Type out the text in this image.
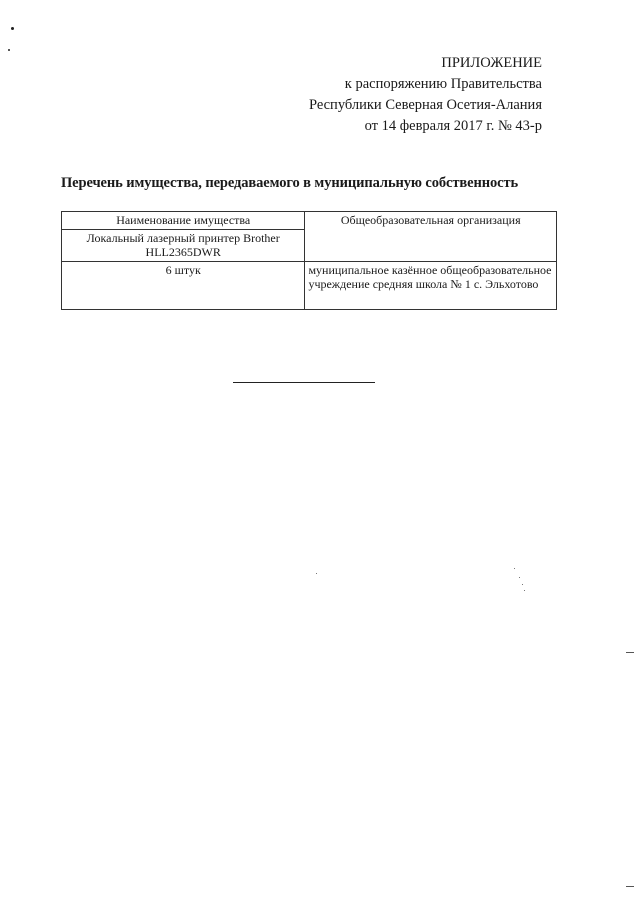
ПРИЛОЖЕНИЕ
к распоряжению Правительства
Республики Северная Осетия-Алания
от 14 февраля 2017 г. № 43-р
Перечень имущества, передаваемого в муниципальную собственность
Наименование имущества	Общеобразовательная организация
Локальный лазерный принтер Brother HLL2365DWR	
6 штук	муниципальное казённое общеобразовательное учреждение средняя школа № 1 с. Эльхотово
